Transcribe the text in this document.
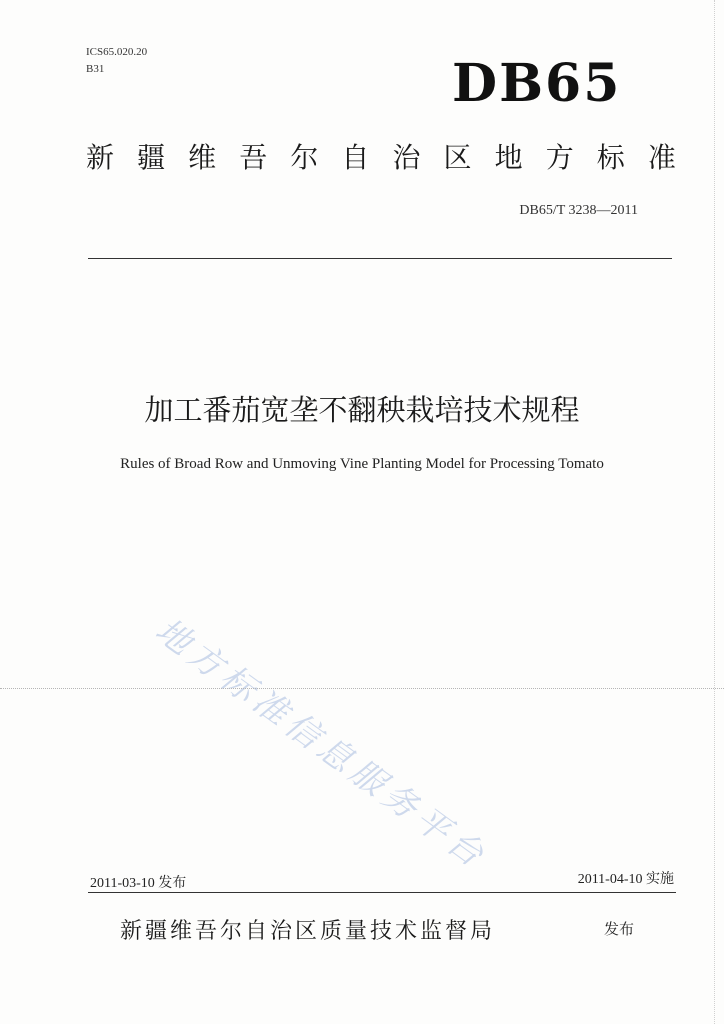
ICS65.020.20
B31	DB65
新 疆 维 吾 尔 自 治 区 地 方 标 准
DB65/T 3238—2011
加工番茄宽垄不翻秧栽培技术规程
Rules of Broad Row and Unmoving Vine Planting Model for Processing Tomato
地方标准信息服务平台
2011-03-10 发布	2011-04-10 实施
新疆维吾尔自治区质量技术监督局	发布
